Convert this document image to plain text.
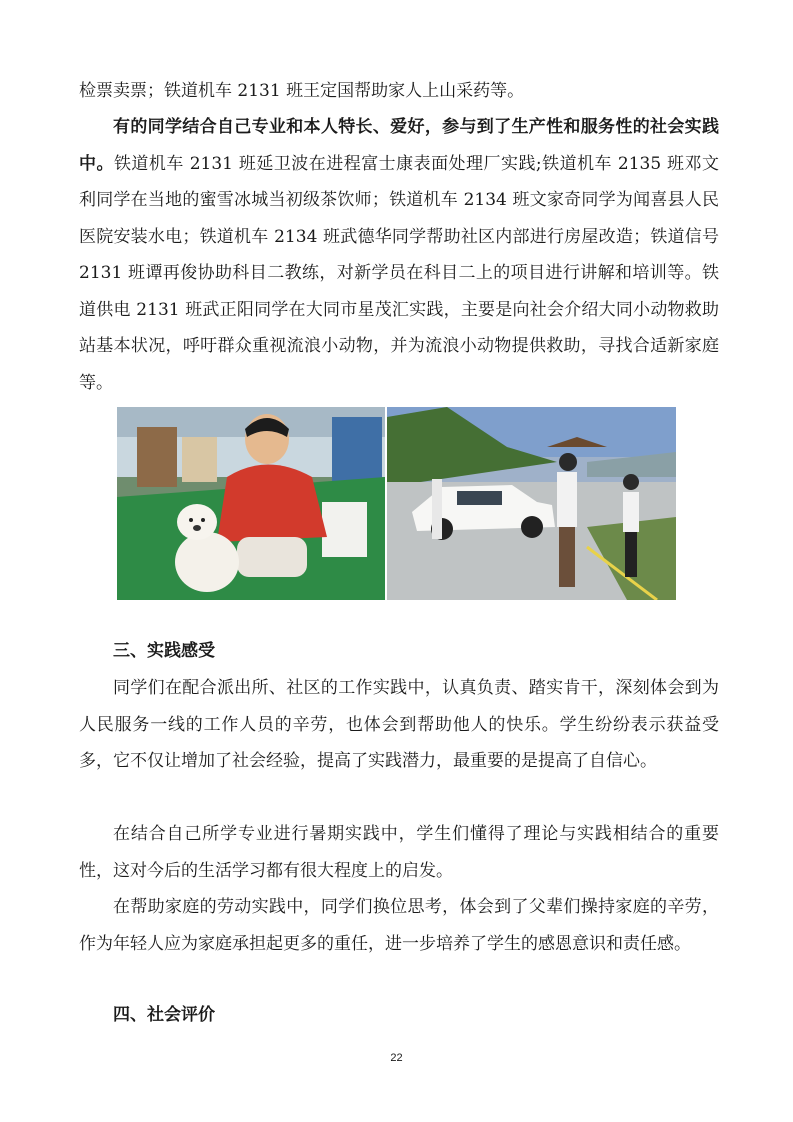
检票卖票；铁道机车 2131 班王定国帮助家人上山采药等。

有的同学结合自己专业和本人特长、爱好，参与到了生产性和服务性的社会实践中。铁道机车 2131 班延卫波在进程富士康表面处理厂实践;铁道机车 2135 班邓文利同学在当地的蜜雪冰城当初级茶饮师；铁道机车 2134 班文家奇同学为闻喜县人民医院安装水电；铁道机车 2134 班武德华同学帮助社区内部进行房屋改造；铁道信号 2131 班谭再俊协助科目二教练，对新学员在科目二上的项目进行讲解和培训等。铁道供电 2131 班武正阳同学在大同市星茂汇实践，主要是向社会介绍大同小动物救助站基本状况，呼吁群众重视流浪小动物，并为流浪小动物提供救助，寻找合适新家庭等。

三、实践感受

同学们在配合派出所、社区的工作实践中，认真负责、踏实肯干，深刻体会到为人民服务一线的工作人员的辛劳，也体会到帮助他人的快乐。学生纷纷表示获益受多，它不仅让增加了社会经验，提高了实践潜力，最重要的是提高了自信心。

在结合自己所学专业进行暑期实践中，学生们懂得了理论与实践相结合的重要性，这对今后的生活学习都有很大程度上的启发。

在帮助家庭的劳动实践中，同学们换位思考，体会到了父辈们操持家庭的辛劳，作为年轻人应为家庭承担起更多的重任，进一步培养了学生的感恩意识和责任感。

四、社会评价

22
